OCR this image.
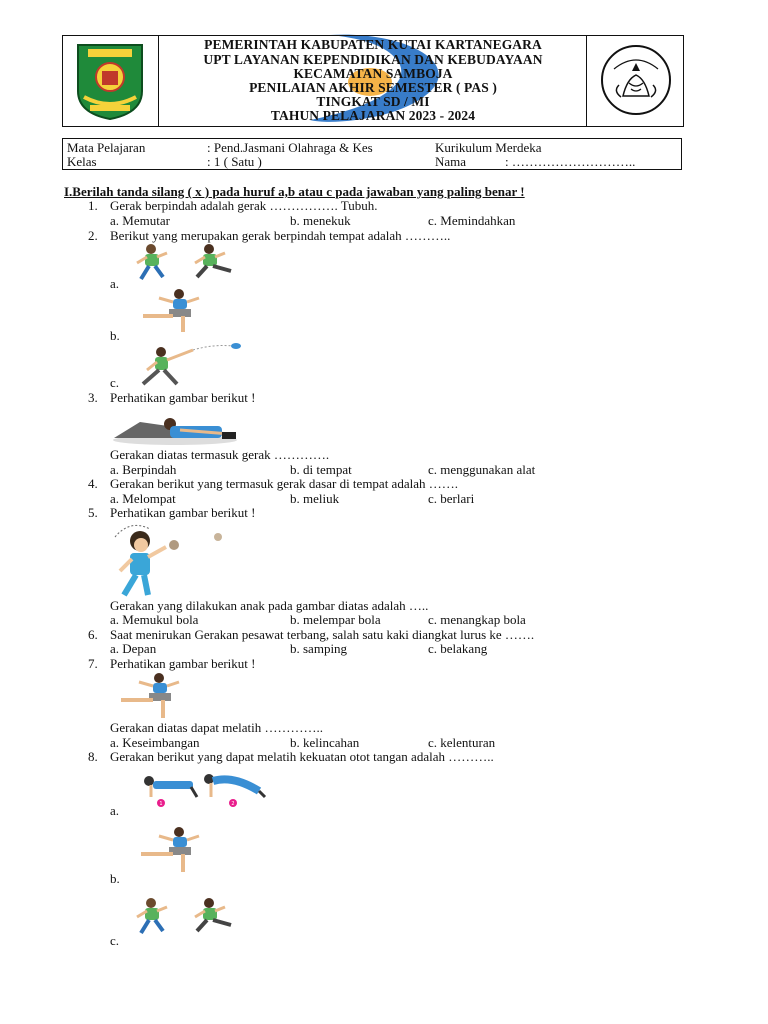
PEMERINTAH KABUPATEN KUTAI KARTANEGARA
UPT LAYANAN KEPENDIDIKAN DAN KEBUDAYAAN
KECAMATAN SAMBOJA
PENILAIAN AKHIR SEMESTER ( PAS )
TINGKAT SD / MI
TAHUN PELAJARAN 2023 - 2024
Mata Pelajaran	: Pend.Jasmani Olahraga & Kes	Kurikulum Merdeka
Kelas	: 1 ( Satu )	Nama	: ………………………..
I.Berilah tanda silang ( x ) pada huruf a,b atau c pada jawaban yang paling benar !
1. Gerak berpindah adalah gerak ……………. Tubuh.
a. Memutar	b. menekuk	c. Memindahkan
2. Berikut yang merupakan gerak berpindah tempat adalah ………..
a.
b.
c.
3. Perhatikan gambar berikut !
Gerakan diatas termasuk gerak ………….
a. Berpindah	b. di tempat	c. menggunakan alat
4. Gerakan berikut yang termasuk gerak dasar di tempat adalah …….
a. Melompat	b. meliuk	c. berlari
5. Perhatikan gambar berikut !
Gerakan yang dilakukan anak pada gambar diatas adalah …..
a. Memukul bola	b. melempar bola	c. menangkap bola
6. Saat menirukan Gerakan pesawat terbang, salah satu kaki diangkat lurus ke …….
a. Depan	b. samping	c. belakang
7. Perhatikan gambar berikut !
Gerakan diatas dapat melatih …………..
a. Keseimbangan	b. kelincahan	c. kelenturan
8. Gerakan berikut yang dapat melatih kekuatan otot tangan adalah ………..
1	2
a.
b.
c.
